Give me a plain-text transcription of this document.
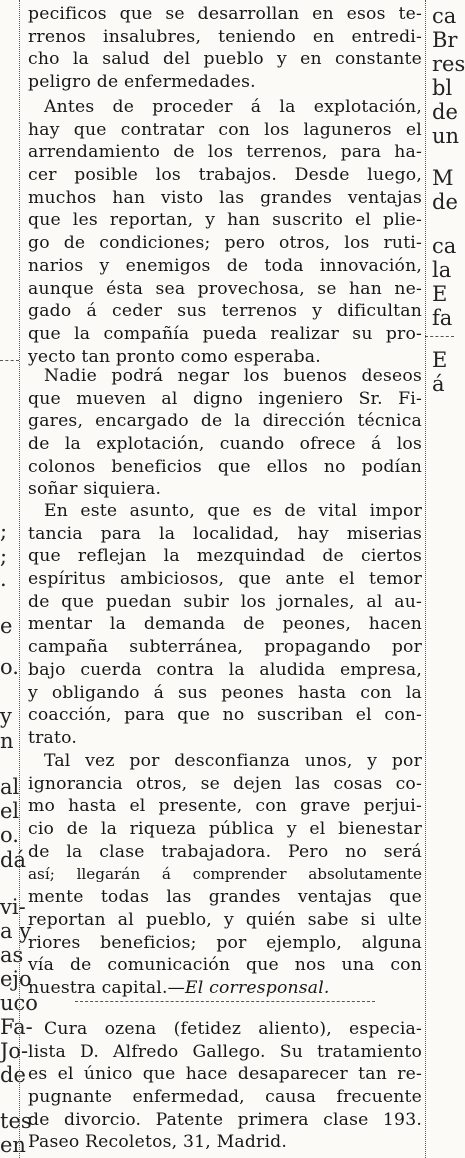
;
;
.
e
o.
y
n
al
el
o.
dá
vi-
a y
as
ejo
uco
Fa-
Jo-
de
tes
en
ca
Br
res
bl
de
un
M
de
ca
la
E
fa
E
á
pecificos que se desarrollan en esos te-
rrenos insalubres, teniendo en entredi-
cho la salud del pueblo y en constante
peligro de enfermedades.
Antes de proceder á la explotación,
hay que contratar con los laguneros el
arrendamiento de los terrenos, para ha-
cer posible los trabajos. Desde luego,
muchos han visto las grandes ventajas
que les reportan, y han suscrito el plie-
go de condiciones; pero otros, los ruti-
narios y enemigos de toda innovación,
aunque ésta sea provechosa, se han ne-
gado á ceder sus terrenos y dificultan
que la compañía pueda realizar su pro-
yecto tan pronto como esperaba.
Nadie podrá negar los buenos deseos
que mueven al digno ingeniero Sr. Fi-
gares, encargado de la dirección técnica
de la explotación, cuando ofrece á los
colonos beneficios que ellos no podían
soñar siquiera.
En este asunto, que es de vital impor
tancia para la localidad, hay miserias
que reflejan la mezquindad de ciertos
espíritus ambiciosos, que ante el temor
de que puedan subir los jornales, al au-
mentar la demanda de peones, hacen
campaña subterránea, propagando por
bajo cuerda contra la aludida empresa,
y obligando á sus peones hasta con la
coacción, para que no suscriban el con-
trato.
Tal vez por desconfianza unos, y por
ignorancia otros, se dejen las cosas co-
mo hasta el presente, con grave perjui-
cio de la riqueza pública y el bienestar
de la clase trabajadora. Pero no será
así; llegarán á comprender absolutamente
mente todas las grandes ventajas que
reportan al pueblo, y quién sabe si ulte
riores beneficios; por ejemplo, alguna
vía de comunicación que nos una con
nuestra capital.—El corresponsal.
Cura ozena (fetidez aliento), especia-
lista D. Alfredo Gallego. Su tratamiento
es el único que hace desaparecer tan re-
pugnante enfermedad, causa frecuente
de divorcio. Patente primera clase 193.
Paseo Recoletos, 31, Madrid.
